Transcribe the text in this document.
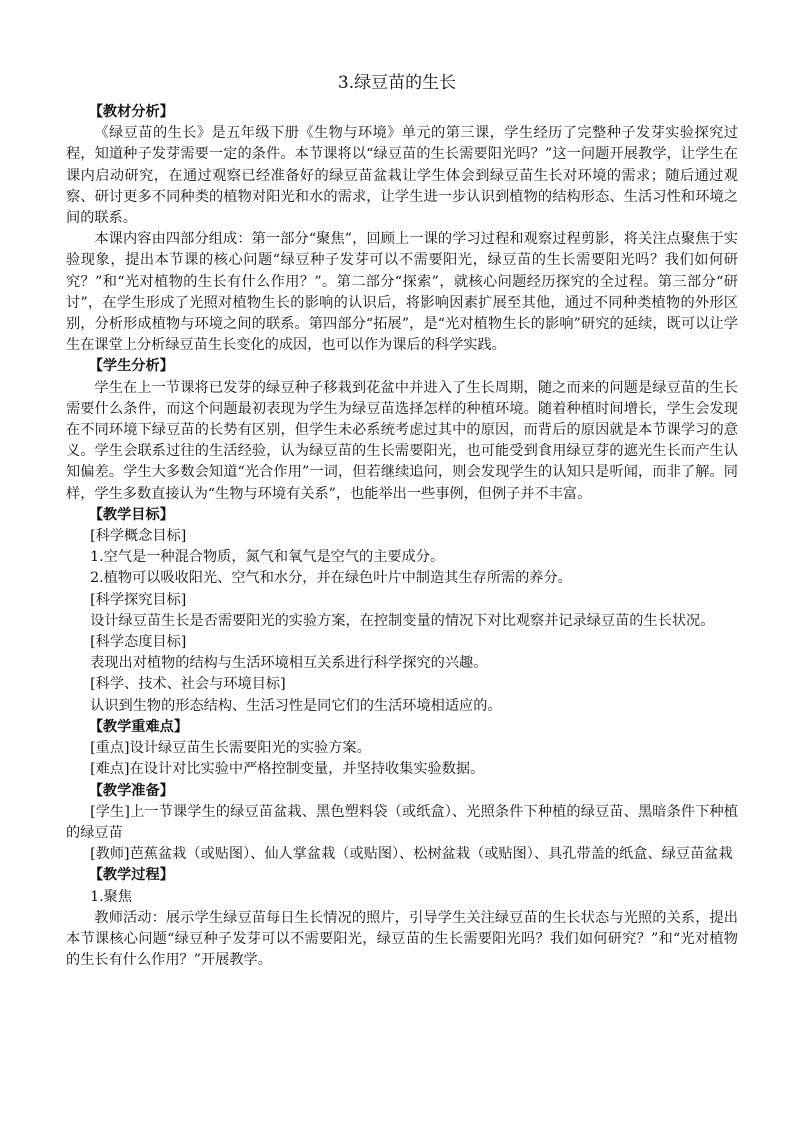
3.绿豆苗的生长

【教材分析】

《绿豆苗的生长》是五年级下册《生物与环境》单元的第三课，学生经历了完整种子发芽实验探究过程，知道种子发芽需要一定的条件。本节课将以“绿豆苗的生长需要阳光吗？”这一问题开展教学，让学生在课内启动研究，在通过观察已经准备好的绿豆苗盆栽让学生体会到绿豆苗生长对环境的需求；随后通过观察、研讨更多不同种类的植物对阳光和水的需求，让学生进一步认识到植物的结构形态、生活习性和环境之间的联系。

本课内容由四部分组成：第一部分“聚焦”，回顾上一课的学习过程和观察过程剪影，将关注点聚焦于实验现象，提出本节课的核心问题“绿豆种子发芽可以不需要阳光，绿豆苗的生长需要阳光吗？我们如何研究？”和“光对植物的生长有什么作用？”。第二部分“探索”，就核心问题经历探究的全过程。第三部分“研讨”，在学生形成了光照对植物生长的影响的认识后，将影响因素扩展至其他，通过不同种类植物的外形区别，分析形成植物与环境之间的联系。第四部分“拓展”，是“光对植物生长的影响”研究的延续，既可以让学生在课堂上分析绿豆苗生长变化的成因，也可以作为课后的科学实践。

【学生分析】

学生在上一节课将已发芽的绿豆种子移栽到花盆中并进入了生长周期，随之而来的问题是绿豆苗的生长需要什么条件，而这个问题最初表现为学生为绿豆苗选择怎样的种植环境。随着种植时间增长，学生会发现在不同环境下绿豆苗的长势有区别，但学生未必系统考虑过其中的原因，而背后的原因就是本节课学习的意义。学生会联系过往的生活经验，认为绿豆苗的生长需要阳光，也可能受到食用绿豆芽的遮光生长而产生认知偏差。学生大多数会知道“光合作用”一词，但若继续追问，则会发现学生的认知只是听闻，而非了解。同样，学生多数直接认为“生物与环境有关系”，也能举出一些事例，但例子并不丰富。

【教学目标】

[科学概念目标]

1.空气是一种混合物质，氮气和氧气是空气的主要成分。

2.植物可以吸收阳光、空气和水分，并在绿色叶片中制造其生存所需的养分。

[科学探究目标]

设计绿豆苗生长是否需要阳光的实验方案，在控制变量的情况下对比观察并记录绿豆苗的生长状况。

[科学态度目标]

表现出对植物的结构与生活环境相互关系进行科学探究的兴趣。

[科学、技术、社会与环境目标]

认识到生物的形态结构、生活习性是同它们的生活环境相适应的。

【教学重难点】

[重点]设计绿豆苗生长需要阳光的实验方案。

[难点]在设计对比实验中严格控制变量，并坚持收集实验数据。

【教学准备】

[学生]上一节课学生的绿豆苗盆栽、黑色塑料袋（或纸盒）、光照条件下种植的绿豆苗、黑暗条件下种植的绿豆苗

[教师]芭蕉盆栽（或贴图）、仙人掌盆栽（或贴图）、松树盆栽（或贴图）、具孔带盖的纸盒、绿豆苗盆栽

【教学过程】

1.聚焦

教师活动：展示学生绿豆苗每日生长情况的照片，引导学生关注绿豆苗的生长状态与光照的关系，提出本节课核心问题“绿豆种子发芽可以不需要阳光，绿豆苗的生长需要阳光吗？我们如何研究？”和“光对植物的生长有什么作用？”开展教学。
